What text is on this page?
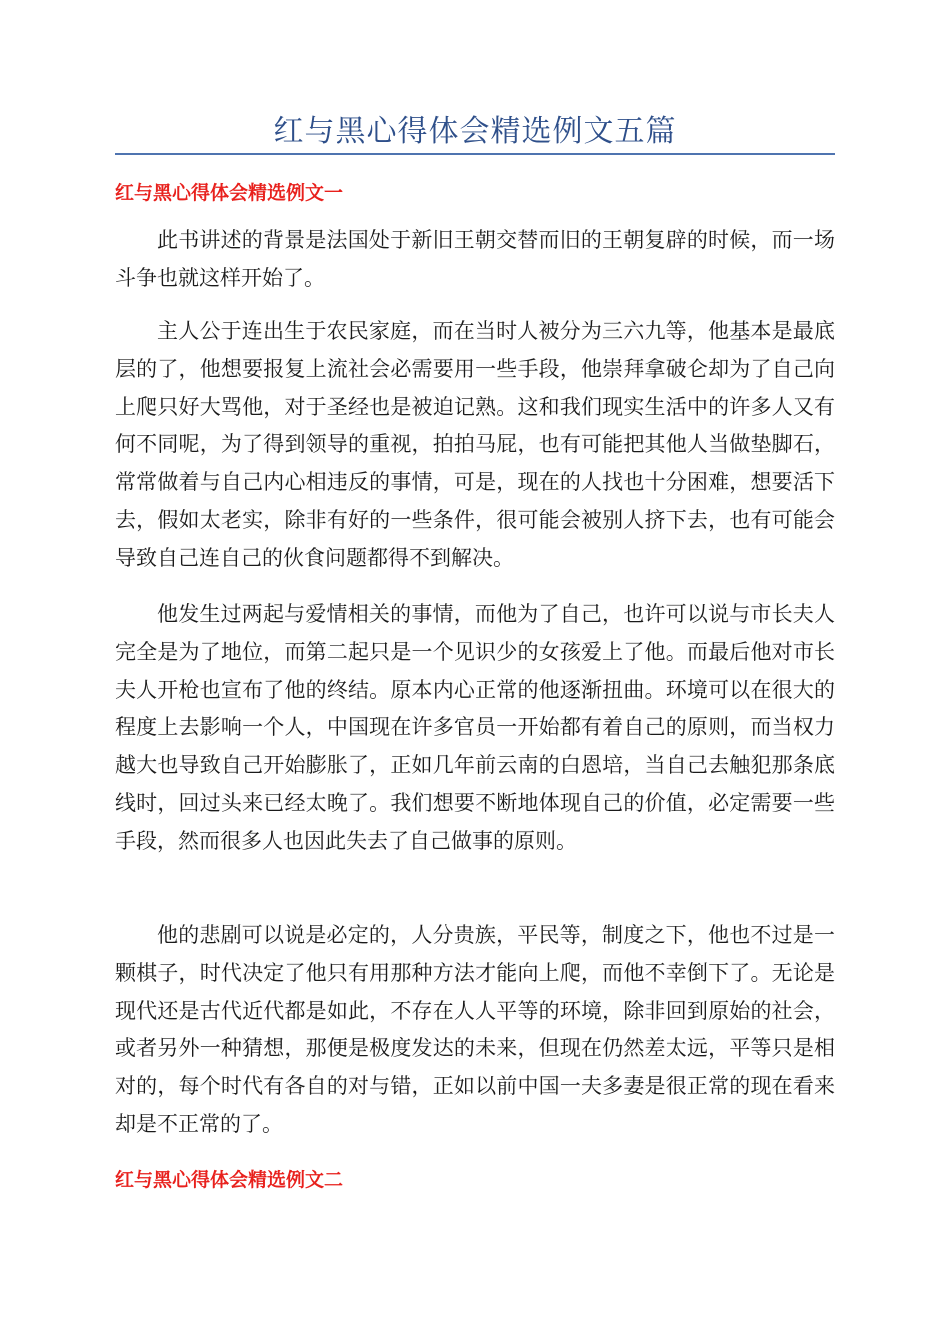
红与黑心得体会精选例文五篇
红与黑心得体会精选例文一

此书讲述的背景是法国处于新旧王朝交替而旧的王朝复辟的时候，而一场斗争也就这样开始了。

主人公于连出生于农民家庭，而在当时人被分为三六九等，他基本是最底层的了，他想要报复上流社会必需要用一些手段，他崇拜拿破仑却为了自己向上爬只好大骂他，对于圣经也是被迫记熟。这和我们现实生活中的许多人又有何不同呢，为了得到领导的重视，拍拍马屁，也有可能把其他人当做垫脚石，常常做着与自己内心相违反的事情，可是，现在的人找也十分困难，想要活下去，假如太老实，除非有好的一些条件，很可能会被别人挤下去，也有可能会导致自己连自己的伙食问题都得不到解决。

他发生过两起与爱情相关的事情，而他为了自己，也许可以说与市长夫人完全是为了地位，而第二起只是一个见识少的女孩爱上了他。而最后他对市长夫人开枪也宣布了他的终结。原本内心正常的他逐渐扭曲。环境可以在很大的程度上去影响一个人，中国现在许多官员一开始都有着自己的原则，而当权力越大也导致自己开始膨胀了，正如几年前云南的白恩培，当自己去触犯那条底线时，回过头来已经太晚了。我们想要不断地体现自己的价值，必定需要一些手段，然而很多人也因此失去了自己做事的原则。

他的悲剧可以说是必定的，人分贵族，平民等，制度之下，他也不过是一颗棋子，时代决定了他只有用那种方法才能向上爬，而他不幸倒下了。无论是现代还是古代近代都是如此，不存在人人平等的环境，除非回到原始的社会，或者另外一种猜想，那便是极度发达的未来，但现在仍然差太远，平等只是相对的，每个时代有各自的对与错，正如以前中国一夫多妻是很正常的现在看来却是不正常的了。

红与黑心得体会精选例文二
